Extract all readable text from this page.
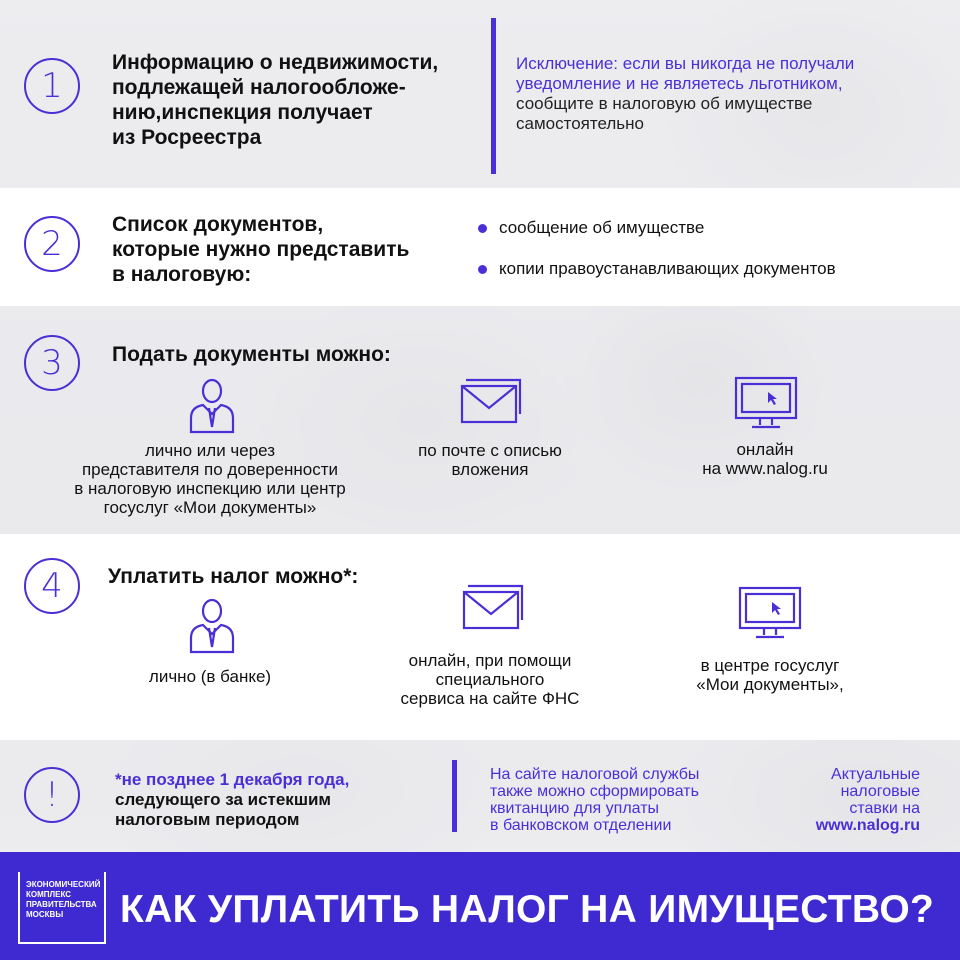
1
Информацию о недвижимости,
подлежащей налогообложе-
нию,инспекция получает
из Росреестра
Исключение: если вы никогда не получали
уведомление и не являетесь льготником,
сообщите в налоговую об имуществе
самостоятельно
2	Список документов,
которые нужно представить
в налоговую:
сообщение об имуществе
копии правоустанавливающих документов
3	Подать документы можно:
лично или через
представителя по доверенности
в налоговую инспекцию или центр
госуслуг «Мои документы»
по почте с описью
вложения
онлайн
на www.nalog.ru
4	Уплатить налог можно*:
лично (в банке)
онлайн, при помощи
специального
сервиса на сайте ФНС
в центре госуслуг
«Мои документы»,
!	*не позднее 1 декабря года,
следующего за истекшим
налоговым периодом
На сайте налоговой службы
также можно сформировать
квитанцию для уплаты
в банковском отделении
Актуальные
налоговые
ставки на
www.nalog.ru
ЭКОНОМИЧЕСКИЙ
КОМПЛЕКС
ПРАВИТЕЛЬСТВА
МОСКВЫ	КАК УПЛАТИТЬ НАЛОГ НА ИМУЩЕСТВО?
